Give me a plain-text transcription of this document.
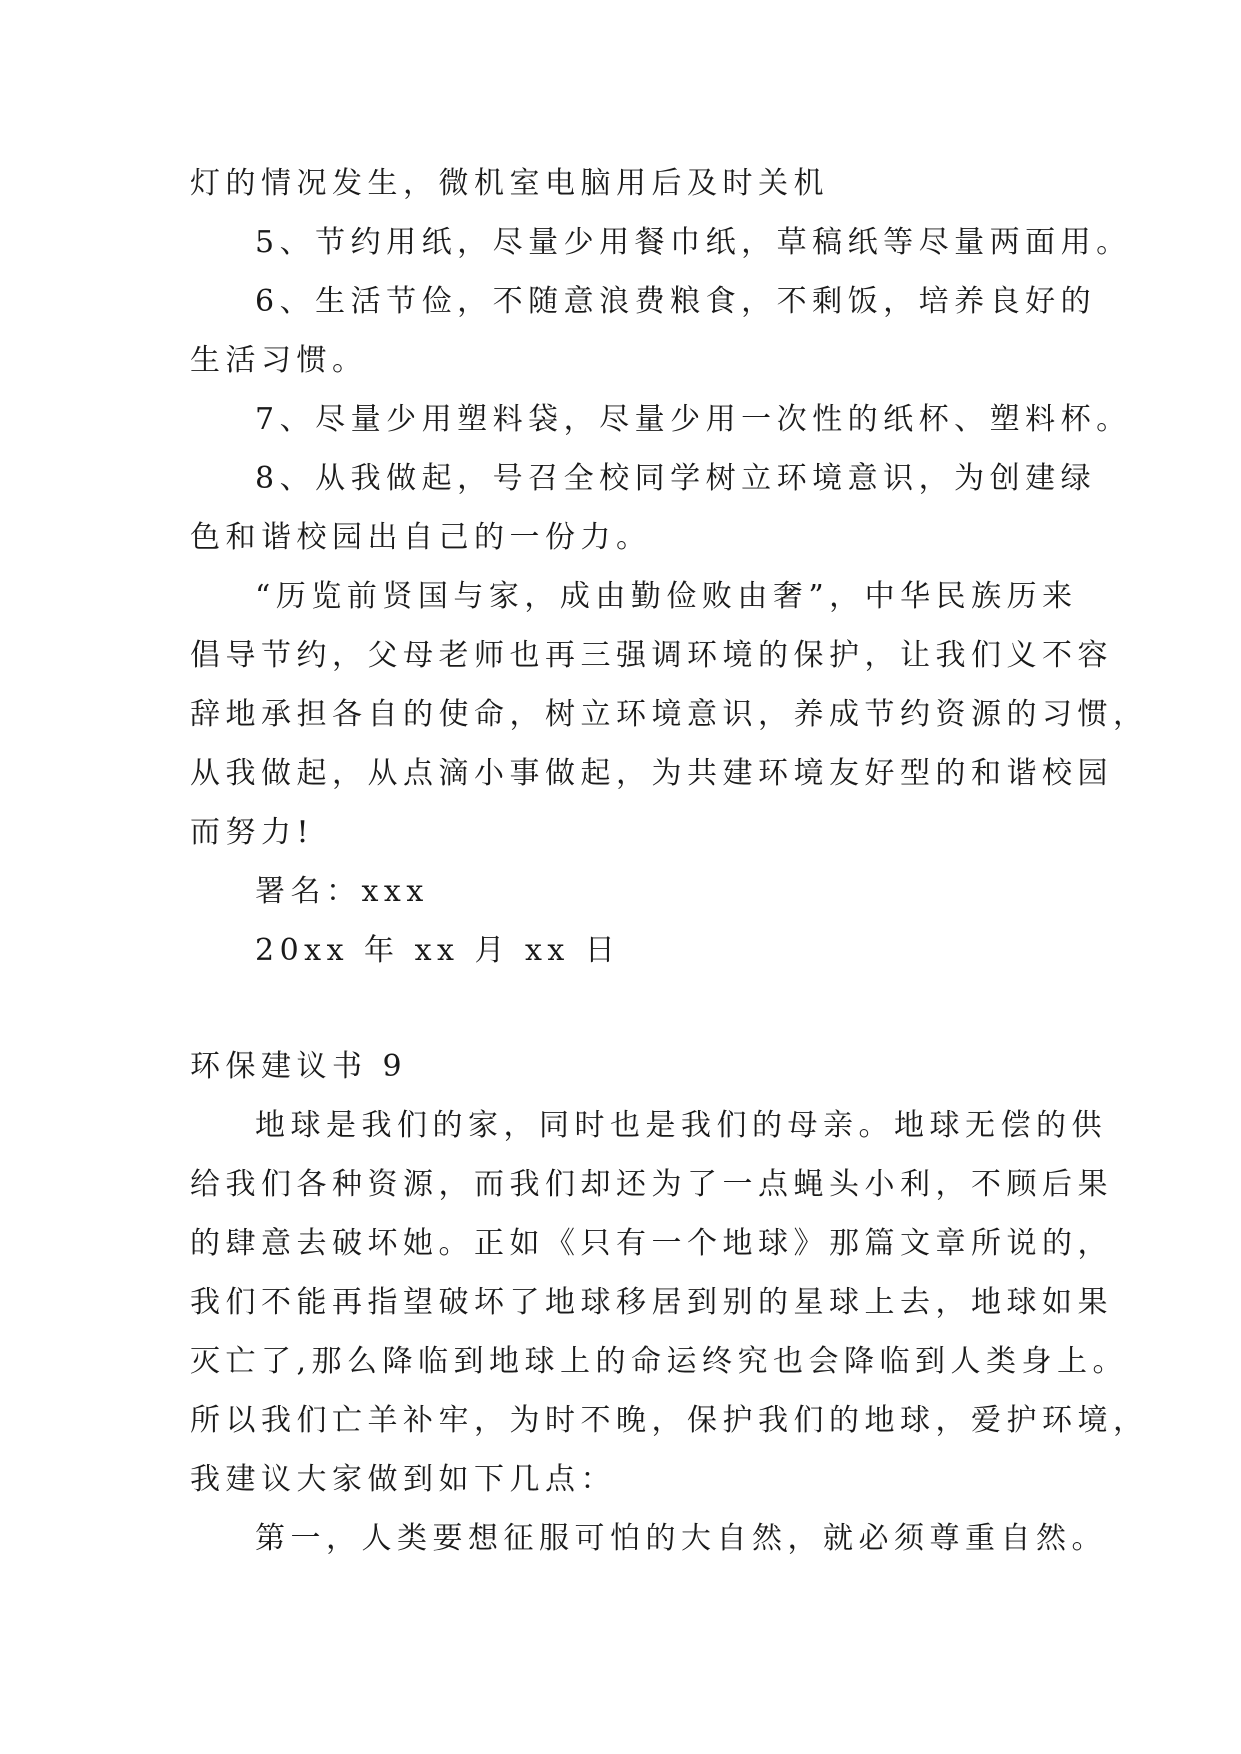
灯的情况发生，微机室电脑用后及时关机
5、节约用纸，尽量少用餐巾纸，草稿纸等尽量两面用。
6、生活节俭，不随意浪费粮食，不剩饭，培养良好的
生活习惯。
7、尽量少用塑料袋，尽量少用一次性的纸杯、塑料杯。
8、从我做起，号召全校同学树立环境意识，为创建绿
色和谐校园出自己的一份力。
“历览前贤国与家，成由勤俭败由奢”，中华民族历来
倡导节约，父母老师也再三强调环境的保护，让我们义不容
辞地承担各自的使命，树立环境意识，养成节约资源的习惯，
从我做起，从点滴小事做起，为共建环境友好型的和谐校园
而努力!
署名：xxx
20xx 年 xx 月 xx 日
环保建议书 9
地球是我们的家，同时也是我们的母亲。地球无偿的供
给我们各种资源，而我们却还为了一点蝇头小利，不顾后果
的肆意去破坏她。正如《只有一个地球》那篇文章所说的，
我们不能再指望破坏了地球移居到别的星球上去，地球如果
灭亡了,那么降临到地球上的命运终究也会降临到人类身上。
所以我们亡羊补牢，为时不晚，保护我们的地球，爱护环境，
我建议大家做到如下几点：
第一，人类要想征服可怕的大自然，就必须尊重自然。
